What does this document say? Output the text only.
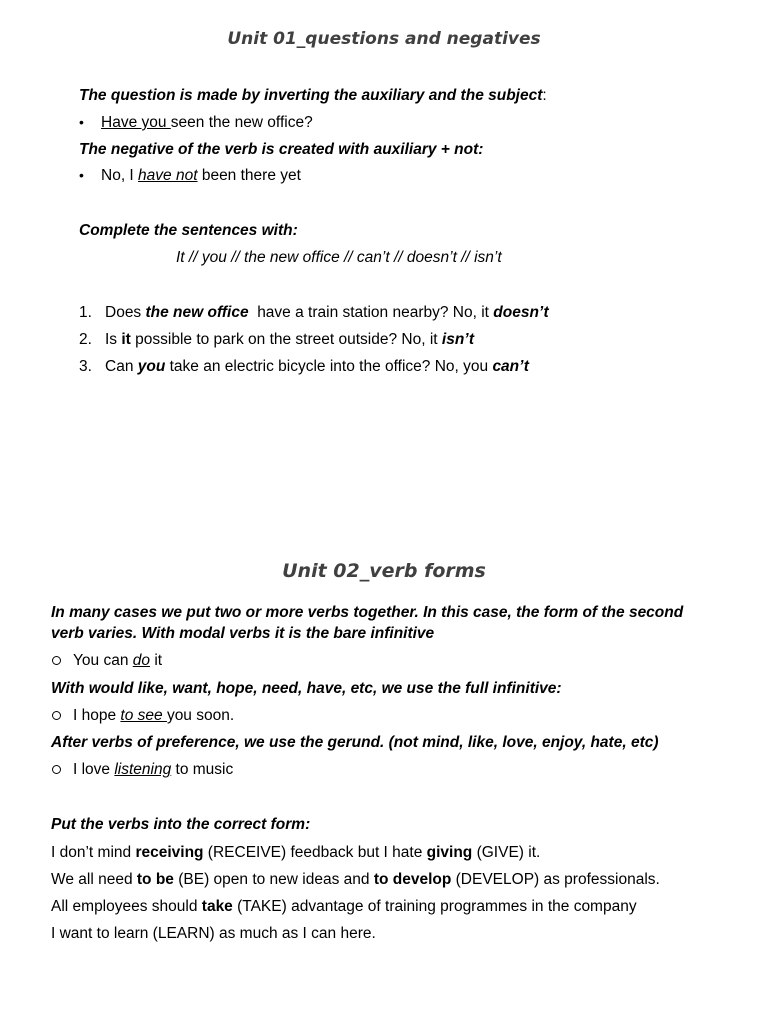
Unit 01_questions and negatives
The question is made by inverting the auxiliary and the subject:
• Have you seen the new office?
The negative of the verb is created with auxiliary + not:
• No, I have not been there yet
Complete the sentences with:
It // you // the new office // can’t // doesn’t // isn’t
1. Does the new office  have a train station nearby? No, it doesn’t
2. Is it possible to park on the street outside? No, it isn’t
3. Can you take an electric bicycle into the office? No, you can’t
Unit 02_verb forms
In many cases we put two or more verbs together. In this case, the form of the second
verb varies. With modal verbs it is the bare infinitive
You can do it
With would like, want, hope, need, have, etc, we use the full infinitive:
I hope to see you soon.
After verbs of preference, we use the gerund. (not mind, like, love, enjoy, hate, etc)
I love listening to music
Put the verbs into the correct form:
I don’t mind receiving (RECEIVE) feedback but I hate giving (GIVE) it.
We all need to be (BE) open to new ideas and to develop (DEVELOP) as professionals.
All employees should take (TAKE) advantage of training programmes in the company
I want to learn (LEARN) as much as I can here.
